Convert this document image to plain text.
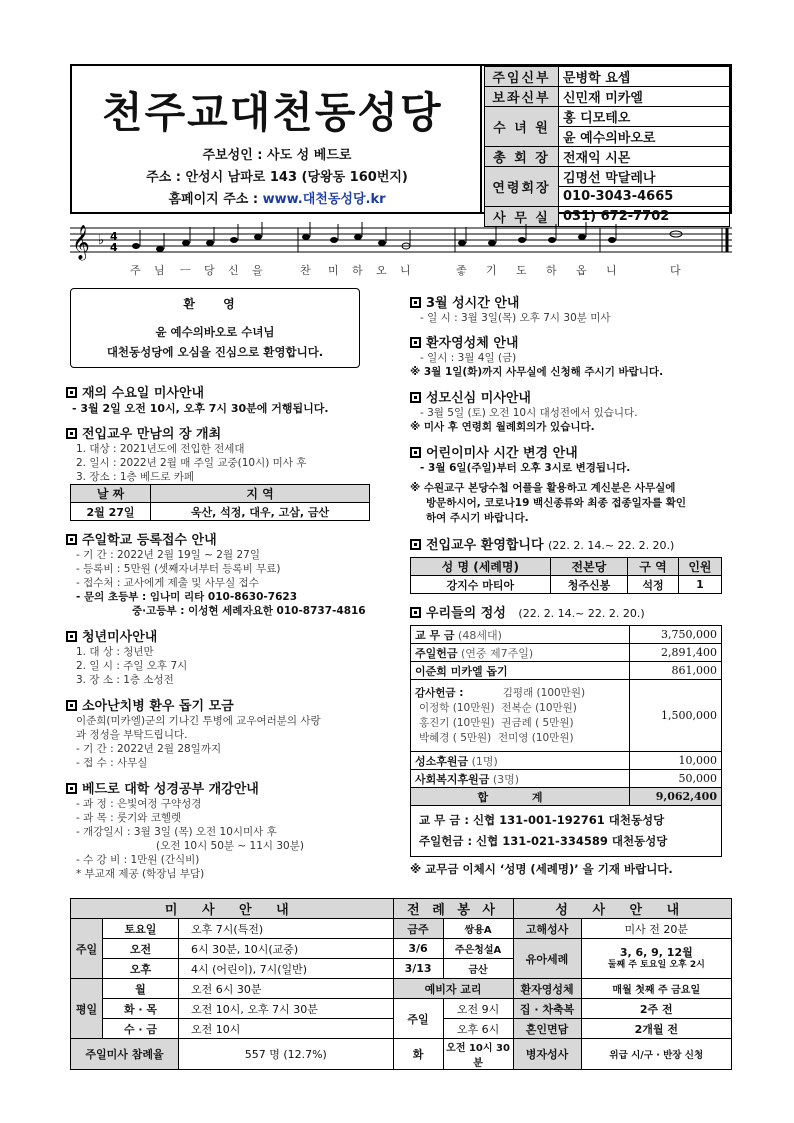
천주교대천동성당
주보성인 : 사도 성 베드로
주소 : 안성시 남파로 143 (당왕동 160번지)
홈페이지 주소 : www.대천동성당.kr
주임신부	문병학 요셉
보좌신부	신민재 미카엘
수 녀 원	홍 디모테오
	윤 예수의바오로
총 회 장	전재익 시몬
연령회장	김명선 막달레나
	010-3043-4665
사 무 실	031) 672-7702
𝄞 ♭ 4
4
주 님 ㅡ 당 신 을	찬 미 하 오 니	좋 기 도 하 옵 니	다
환 영
윤 예수의바오로 수녀님
대천동성당에 오심을 진심으로 환영합니다.
재의 수요일 미사안내
- 3월 2일 오전 10시, 오후 7시 30분에 거행됩니다.
전입교우 만남의 장 개최
1. 대상 : 2021년도에 전입한 전세대
2. 일시 : 2022년 2월 매 주일 교중(10시) 미사 후
3. 장소 : 1층 베드로 카페
날 짜	지 역
2월 27일	욱산, 석정, 대우, 고삼, 금산
주일학교 등록접수 안내
- 기 간 : 2022년 2월 19일 ~ 2월 27일
- 등록비 : 5만원 (셋째자녀부터 등록비 무료)
- 접수처 : 교사에게 제출 및 사무실 접수
- 문의 초등부 : 임나미 리타 010-8630-7623
중·고등부 : 이성현 세례자요한 010-8737-4816
청년미사안내
1. 대 상 : 청년만
2. 일 시 : 주일 오후 7시
3. 장 소 : 1층 소성전
소아난치병 환우 돕기 모금
이준희(미카엘)군의 기나긴 투병에 교우여러분의 사랑
과 정성을 부탁드립니다.
- 기 간 : 2022년 2월 28일까지
- 접 수 : 사무실
베드로 대학 성경공부 개강안내
- 과 정 : 은빛여정 구약성경
- 과 목 : 룻기와 코헬렛
- 개강일시 : 3월 3일 (목) 오전 10시미사 후
(오전 10시 50분 ~ 11시 30분)
- 수 강 비 : 1만원 (간식비)
* 부교재 제공 (학장님 부담)
3월 성시간 안내
- 일 시 : 3월 3일(목) 오후 7시 30분 미사
환자영성체 안내
- 일시 : 3월 4일 (금)
※ 3월 1일(화)까지 사무실에 신청해 주시기 바랍니다.
성모신심 미사안내
- 3월 5일 (토) 오전 10시 대성전에서 있습니다.
※ 미사 후 연령회 월례회의가 있습니다.
어린이미사 시간 변경 안내
- 3월 6일(주일)부터 오후 3시로 변경됩니다.
※ 수원교구 본당수첩 어플을 활용하고 계신분은 사무실에
방문하시어, 코로나19 백신종류와 최종 접종일자를 확인
하여 주시기 바랍니다.
전입교우 환영합니다 (22. 2. 14.~ 22. 2. 20.)
성 명 (세례명)	전본당	구 역	인원
강지수 마티아	청주신봉	석정	1
우리들의 정성 (22. 2. 14.~ 22. 2. 20.)
교 무 금 (48세대)	3,750,000
주일헌금 (연중 제7주일)	2,891,400
이준희 미카엘 돕기	861,000

감사헌금 : 김평래 (100만원)
이정학 (10만원) 전복순 (10만원)
홍진기 (10만원) 권금례 ( 5만원)
박혜경 ( 5만원) 전미영 (10만원)	1,500,000
성소후원금 (1명)	10,000
사회복지후원금 (3명)	50,000
합 계	9,062,400

교 무 금 : 신협 131-001-192761 대천동성당
주일헌금 : 신협 131-021-334589 대천동성당	
※ 교무금 이체시 ‘성명 (세례명)’ 을 기재 바랍니다.
미 사 안 내			전 례 봉 사		성 사 안 내	
주일	토요일	오후 7시(특전)	금주	쌍용A	고해성사	미사 전 20분
	오전	6시 30분, 10시(교중)	3/6	주은청설A	유아세례	3, 6, 9, 12월
둘째 주 토요일 오후 2시

	오후	4시 (어린이), 7시(일반)	3/13	금산		
평일	월	오전 6시 30분	예비자 교리		환자영성체	매월 첫째 주 금요일
	화 · 목	오전 10시, 오후 7시 30분	주일	오전 9시	집 · 차축복	2주 전
	수 · 금	오전 10시		오후 6시	혼인면담	2개월 전
주일미사 참례율		557 명 (12.7%)	화	오전 10시 30분	병자성사	위급 시/구 · 반장 신청
